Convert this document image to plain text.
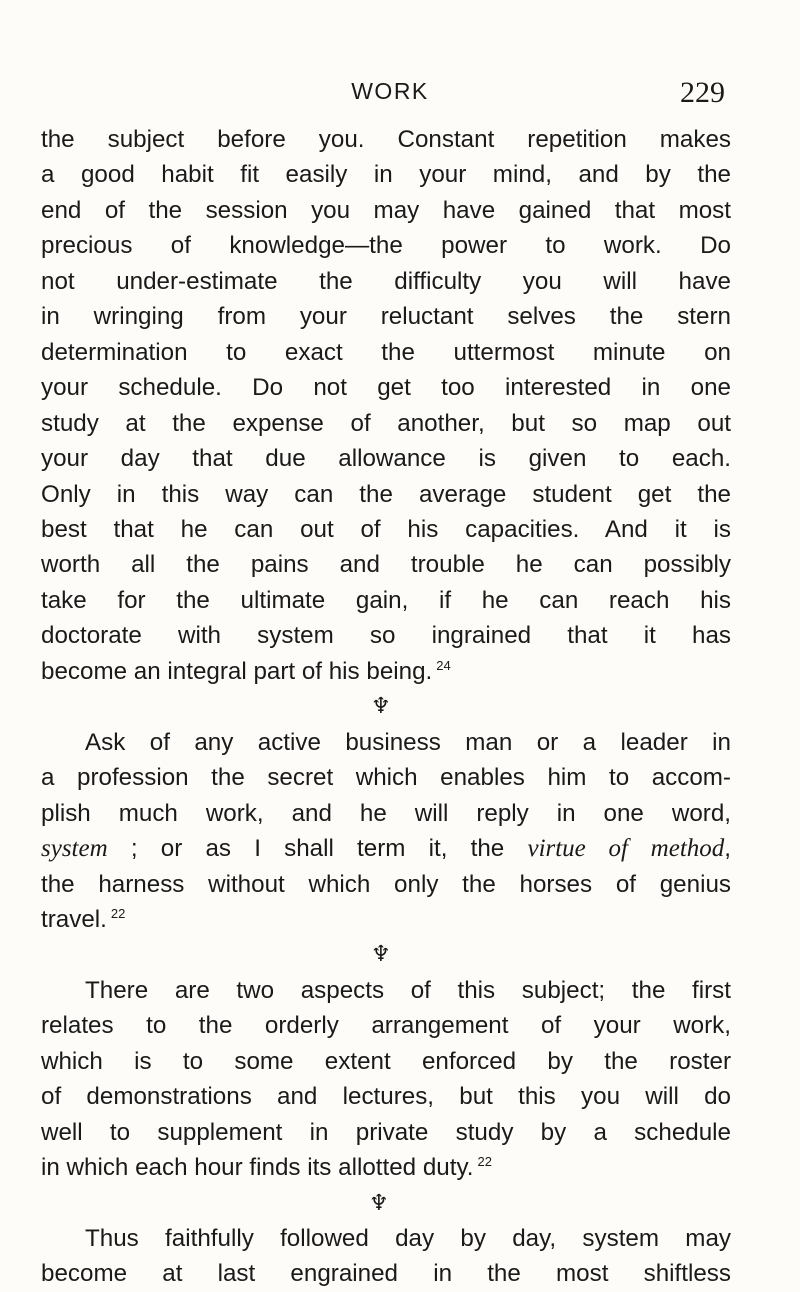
WORK	229
the subject before you. Constant repetition makes
a good habit fit easily in your mind, and by the
end of the session you may have gained that most
precious of knowledge—the power to work. Do
not under-estimate the difficulty you will have
in wringing from your reluctant selves the stern
determination to exact the uttermost minute on
your schedule. Do not get too interested in one
study at the expense of another, but so map out
your day that due allowance is given to each.
Only in this way can the average student get the
best that he can out of his capacities. And it is
worth all the pains and trouble he can possibly
take for the ultimate gain, if he can reach his
doctorate with system so ingrained that it has
become an integral part of his being. $^{24}$
♆
Ask of any active business man or a leader in
a profession the secret which enables him to accom-
plish much work, and he will reply in one word,
system ; or as I shall term it, the virtue of method,
the harness without which only the horses of genius
travel. $^{22}$
♆
There are two aspects of this subject; the first
relates to the orderly arrangement of your work,
which is to some extent enforced by the roster
of demonstrations and lectures, but this you will do
well to supplement in private study by a schedule
in which each hour finds its allotted duty. $^{22}$
♆
Thus faithfully followed day by day, system may
become at last engrained in the most shiftless
